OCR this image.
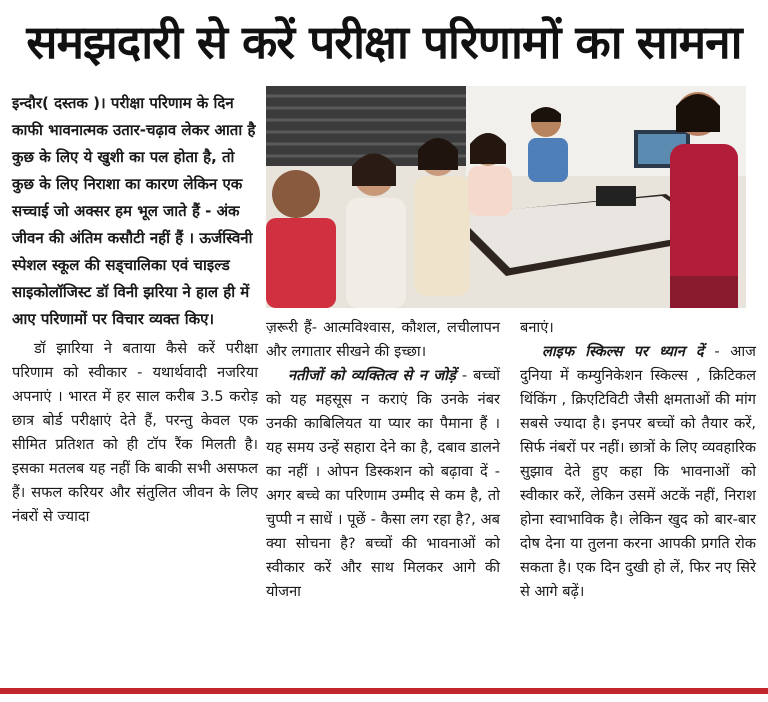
समझदारी से करें परीक्षा परिणामों का सामना

इन्दौर( दस्तक )। परीक्षा परिणाम के दिन काफी भावनात्मक उतार-चढ़ाव लेकर आता है कुछ के लिए ये खुशी का पल होता है, तो कुछ के लिए निराशा का कारण लेकिन एक सच्चाई जो अक्सर हम भूल जाते हैं - अंक जीवन की अंतिम कसौटी नहीं हैं । ऊर्जस्विनी स्पेशल स्कूल की सड्चालिका एवं चाइल्ड साइकोलॉजिस्ट डॉ विनी झरिया ने हाल ही में आए परिणामों पर विचार व्यक्त किए।

डॉ झारिया ने बताया कैसे करें परीक्षा परिणाम को स्वीकार - यथार्थवादी नजरिया अपनाएं । भारत में हर साल करीब 3.5 करोड़ छात्र बोर्ड परीक्षाएं देते हैं, परन्तु केवल एक सीमित प्रतिशत को ही टॉप रैंक मिलती है। इसका मतलब यह नहीं कि बाकी सभी असफल हैं। सफल करियर और संतुलित जीवन के लिए नंबरों से ज्यादा

ज़रूरी हैं- आत्मविश्वास, कौशल, लचीलापन और लगातार सीखने की इच्छा।

नतीजों को व्यक्तित्व से न जोड़ें - बच्चों को यह महसूस न कराएं कि उनके नंबर उनकी काबिलियत या प्यार का पैमाना हैं । यह समय उन्हें सहारा देने का है, दबाव डालने का नहीं । ओपन डिस्कशन को बढ़ावा दें - अगर बच्चे का परिणाम उम्मीद से कम है, तो चुप्पी न साधें । पूछें - कैसा लग रहा है?, अब क्या सोचना है? बच्चों की भावनाओं को स्वीकार करें और साथ मिलकर आगे की योजना

बनाएं।

लाइफ स्किल्स पर ध्यान दें - आज दुनिया में कम्युनिकेशन स्किल्स , क्रिटिकल थिंकिंग , क्रिएटिविटी जैसी क्षमताओं की मांग सबसे ज्यादा है। इनपर बच्चों को तैयार करें, सिर्फ नंबरों पर नहीं। छात्रों के लिए व्यवहारिक सुझाव देते हुए कहा कि भावनाओं को स्वीकार करें, लेकिन उसमें अटकें नहीं, निराश होना स्वाभाविक है। लेकिन खुद को बार-बार दोष देना या तुलना करना आपकी प्रगति रोक सकता है। एक दिन दुखी हो लें, फिर नए सिरे से आगे बढ़ें।
